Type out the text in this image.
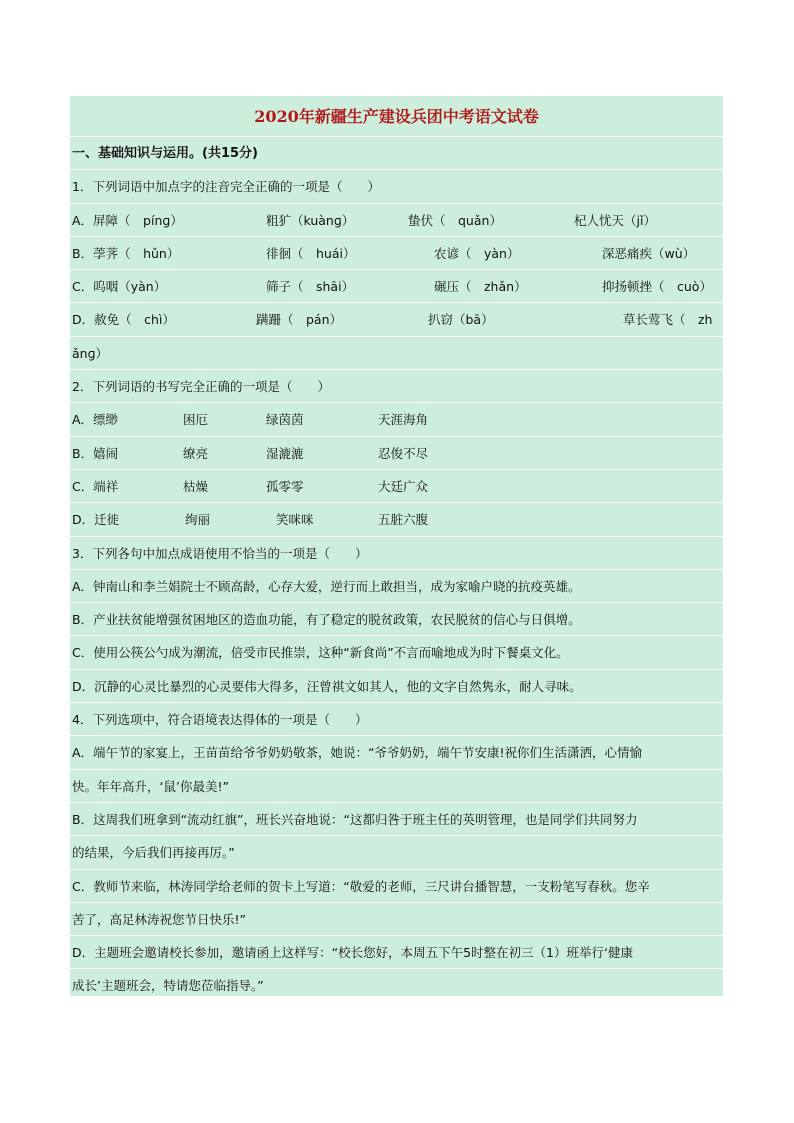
2020年新疆生产建设兵团中考语文试卷
一、基础知识与运用。(共15分)
1．下列词语中加点字的注音完全正确的一项是（　　）
A．屏障（　pínɡ）	粗犷（kuànɡ）	蛰伏（　quǎn）	杞人忧天（jǐ）
B．荸荠（　hǔn）	徘徊（　huái）	农谚（　yàn）	深恶痛疾（wù）
C．呜咽（yàn）	筛子（　shāi）	碾压（　zhǎn）	抑扬顿挫（　cuò）
D．赦免（　chì）	蹒跚（　pán）	扒窃（bā）	草长莺飞（　zh
ǎnɡ）
2．下列词语的书写完全正确的一项是（　　）
A．缥缈	困厄	绿茵茵	天涯海角
B．嬉闹	缭亮	湿漉漉	忍俊不尽
C．端祥	枯燥	孤零零	大廷广众
D．迁徙	绚丽	笑咪咪	五脏六腹
3．下列各句中加点成语使用不恰当的一项是（　　）
A．钟南山和李兰娟院士不顾高龄，心存大爱，逆行而上敢担当，成为家喻户晓的抗疫英雄。
B．产业扶贫能增强贫困地区的造血功能，有了稳定的脱贫政策，农民脱贫的信心与日俱增。
C．使用公筷公勺成为潮流，倍受市民推崇，这种“新食尚”不言而喻地成为时下餐桌文化。
D．沉静的心灵比暴烈的心灵要伟大得多，汪曾祺文如其人，他的文字自然隽永，耐人寻味。
4．下列选项中，符合语境表达得体的一项是（　　）
A．端午节的家宴上，王苗苗给爷爷奶奶敬茶，她说：“爷爷奶奶，端午节安康!祝你们生活潇洒，心情愉
快。年年高升，‘鼠’你最美!”
B．这周我们班拿到“流动红旗”，班长兴奋地说：“这都归咎于班主任的英明管理，也是同学们共同努力
的结果，今后我们再接再厉。”
C．教师节来临，林涛同学给老师的贺卡上写道：“敬爱的老师，三尺讲台播智慧，一支粉笔写春秋。您辛
苦了，高足林涛祝您节日快乐!”
D．主题班会邀请校长参加，邀请函上这样写：“校长您好，本周五下午5时整在初三（1）班举行‘健康
成长’主题班会，特请您莅临指导。”
